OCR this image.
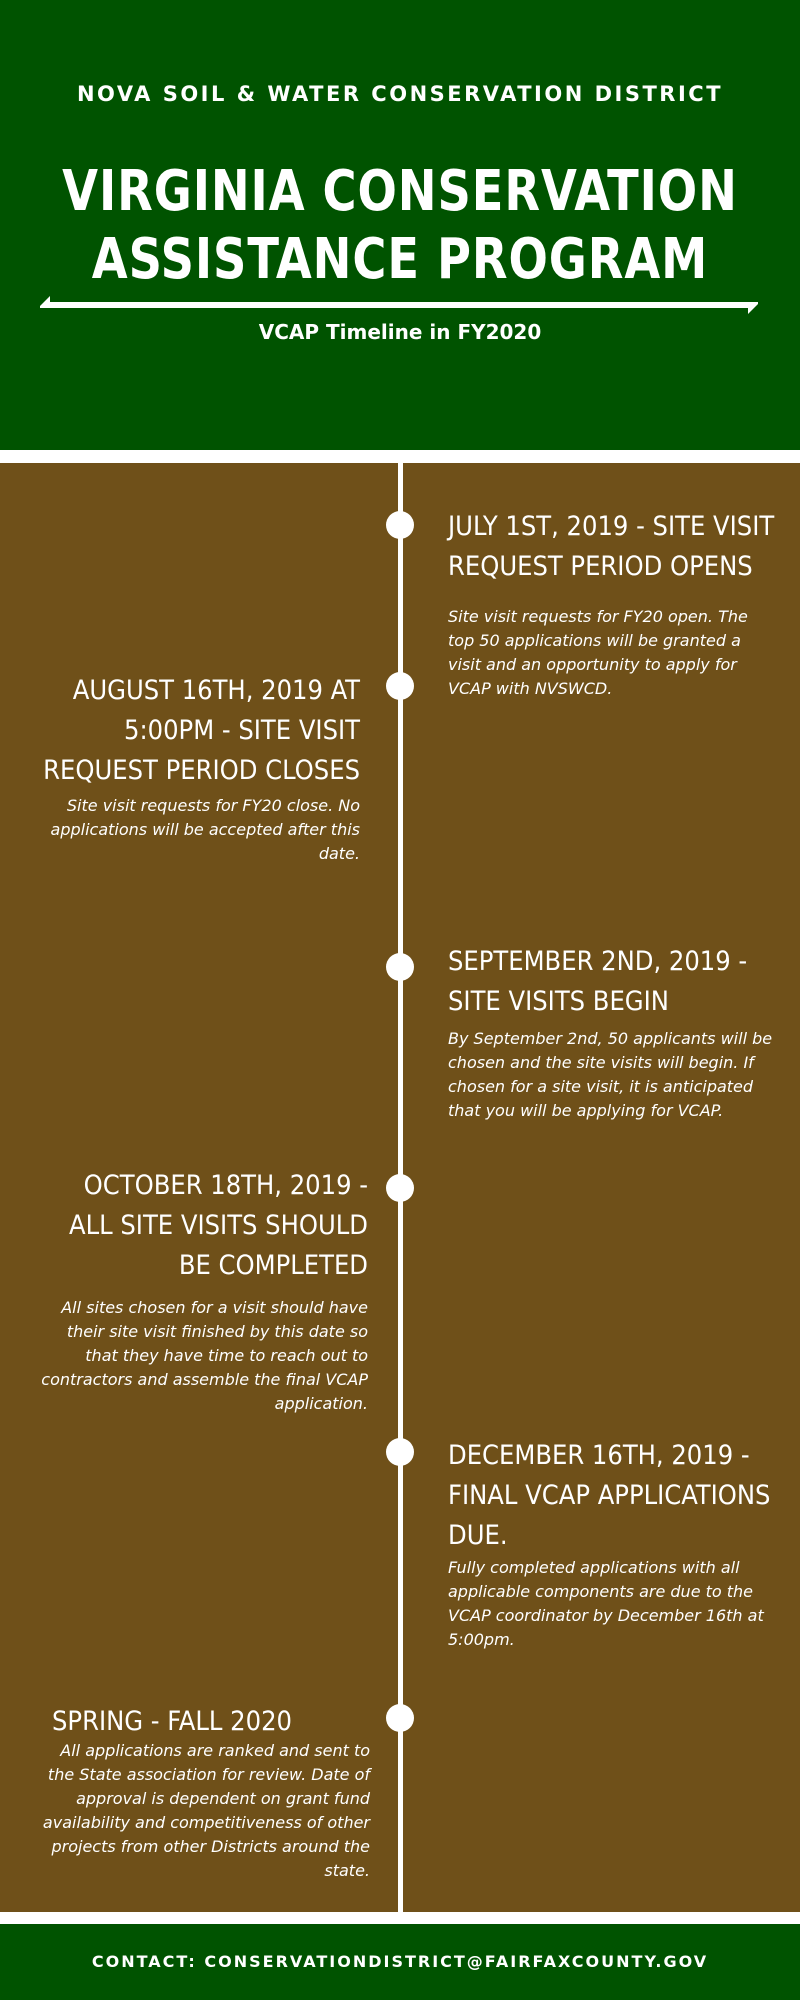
NOVA SOIL & WATER CONSERVATION DISTRICT
VIRGINIA CONSERVATION
ASSISTANCE PROGRAM
VCAP Timeline in FY2020
JULY 1ST, 2019 - SITE VISIT REQUEST PERIOD OPENS
Site visit requests for FY20 open. The top 50 applications will be granted a visit and an opportunity to apply for VCAP with NVSWCD.
AUGUST 16TH, 2019 AT 5:00PM - SITE VISIT REQUEST PERIOD CLOSES
Site visit requests for FY20 close. No applications will be accepted after this date.
SEPTEMBER 2ND, 2019 - SITE VISITS BEGIN
By September 2nd, 50 applicants will be chosen and the site visits will begin. If chosen for a site visit, it is anticipated that you will be applying for VCAP.
OCTOBER 18TH, 2019 - ALL SITE VISITS SHOULD BE COMPLETED
All sites chosen for a visit should have their site visit finished by this date so that they have time to reach out to contractors and assemble the final VCAP application.
DECEMBER 16TH, 2019 - FINAL VCAP APPLICATIONS DUE.
Fully completed applications with all applicable components are due to the VCAP coordinator by December 16th at 5:00pm.
SPRING - FALL 2020
All applications are ranked and sent to the State association for review. Date of approval is dependent on grant fund availability and competitiveness of other projects from other Districts around the state.
CONTACT: CONSERVATIONDISTRICT@FAIRFAXCOUNTY.GOV
